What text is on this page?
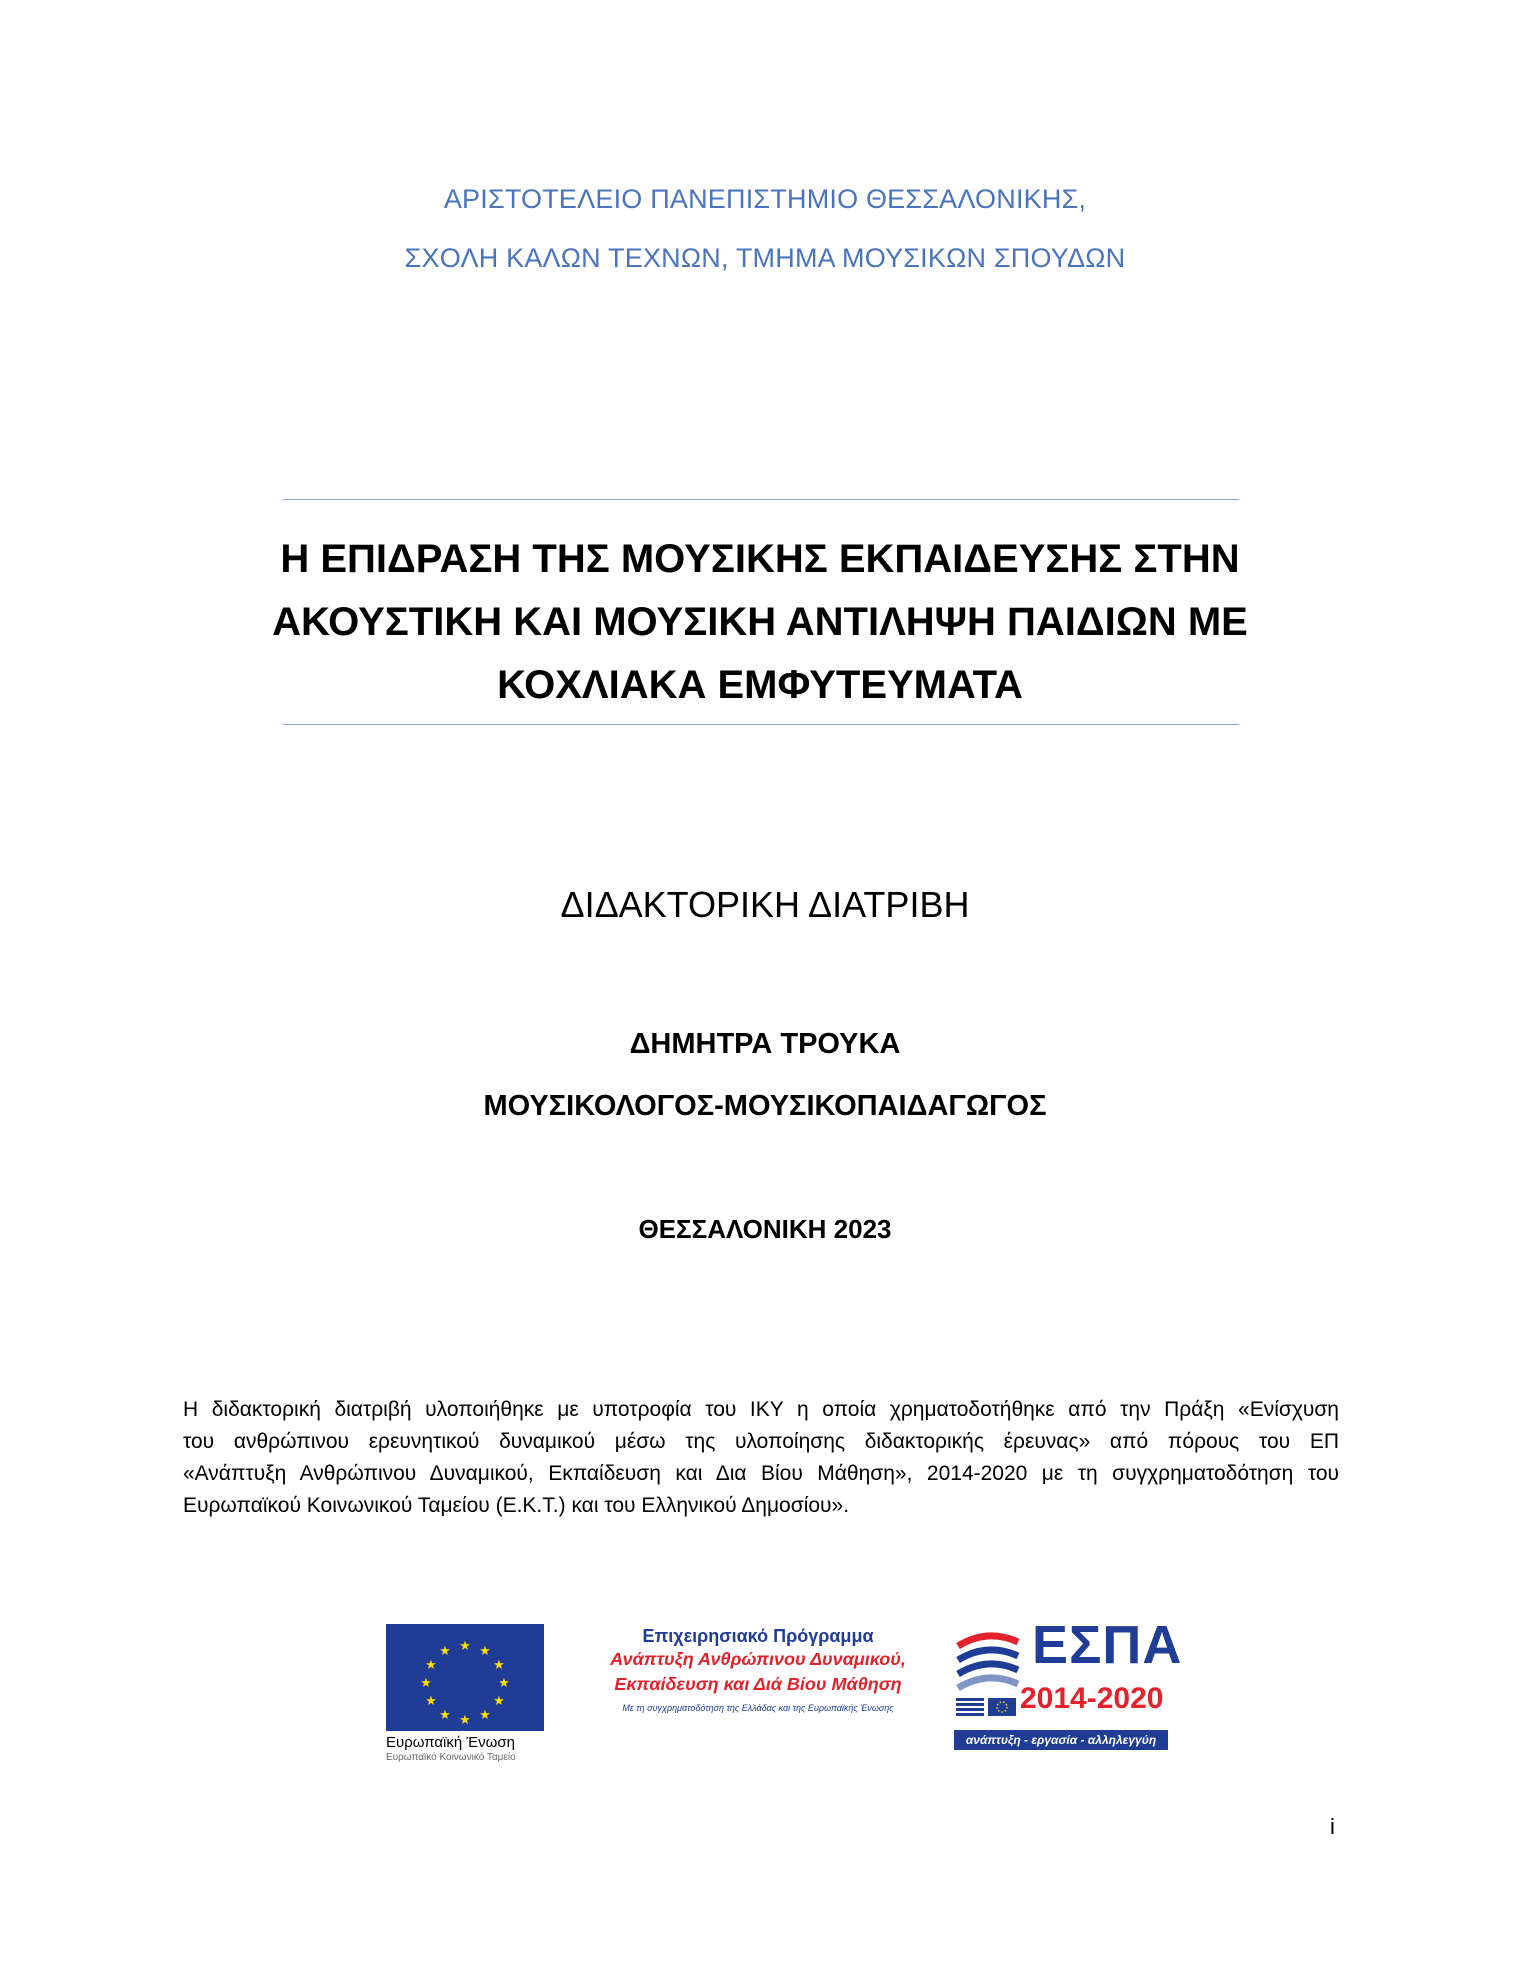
ΑΡΙΣΤΟΤΕΛΕΙΟ ΠΑΝΕΠΙΣΤΗΜΙΟ ΘΕΣΣΑΛΟΝΙΚΗΣ,
ΣΧΟΛΗ ΚΑΛΩΝ ΤΕΧΝΩΝ, ΤΜΗΜΑ ΜΟΥΣΙΚΩΝ ΣΠΟΥΔΩΝ
Η ΕΠΙΔΡΑΣΗ ΤΗΣ ΜΟΥΣΙΚΗΣ ΕΚΠΑΙΔΕΥΣΗΣ ΣΤΗΝ
ΑΚΟΥΣΤΙΚΗ ΚΑΙ ΜΟΥΣΙΚΗ ΑΝΤΙΛΗΨΗ ΠΑΙΔΙΩΝ ΜΕ
ΚΟΧΛΙΑΚΑ ΕΜΦΥΤΕΥΜΑΤΑ
ΔΙΔΑΚΤΟΡΙΚΗ ΔΙΑΤΡΙΒΗ
ΔΗΜΗΤΡΑ ΤΡΟΥΚΑ
ΜΟΥΣΙΚΟΛΟΓΟΣ-ΜΟΥΣΙΚΟΠΑΙΔΑΓΩΓΟΣ
ΘΕΣΣΑΛΟΝΙΚΗ 2023
Η διδακτορική διατριβή υλοποιήθηκε με υποτροφία του ΙΚΥ η οποία χρηματοδοτήθηκε από την Πράξη «Ενίσχυση
του ανθρώπινου ερευνητικού δυναμικού μέσω της υλοποίησης διδακτορικής έρευνας» από πόρους του ΕΠ
«Ανάπτυξη Ανθρώπινου Δυναμικού, Εκπαίδευση και Δια Βίου Μάθηση», 2014-2020 με τη συγχρηματοδότηση του
Ευρωπαϊκού Κοινωνικού Ταμείου (Ε.Κ.Τ.) και του Ελληνικού Δημοσίου».
★ ★
★
★
★
★
★
★
★
★
★
★
Ευρωπαϊκή Ένωση
Ευρωπαϊκό Κοινωνικό Ταμείο
Επιχειρησιακό Πρόγραμμα
Ανάπτυξη Ανθρώπινου Δυναμικού,
Εκπαίδευση και Διά Βίου Μάθηση
Με τη συγχρηματοδότηση της Ελλάδας και της Ευρωπαϊκής Ένωσης
ΕΣΠΑ
2014-2020
ανάπτυξη - εργασία - αλληλεγγύη
i
